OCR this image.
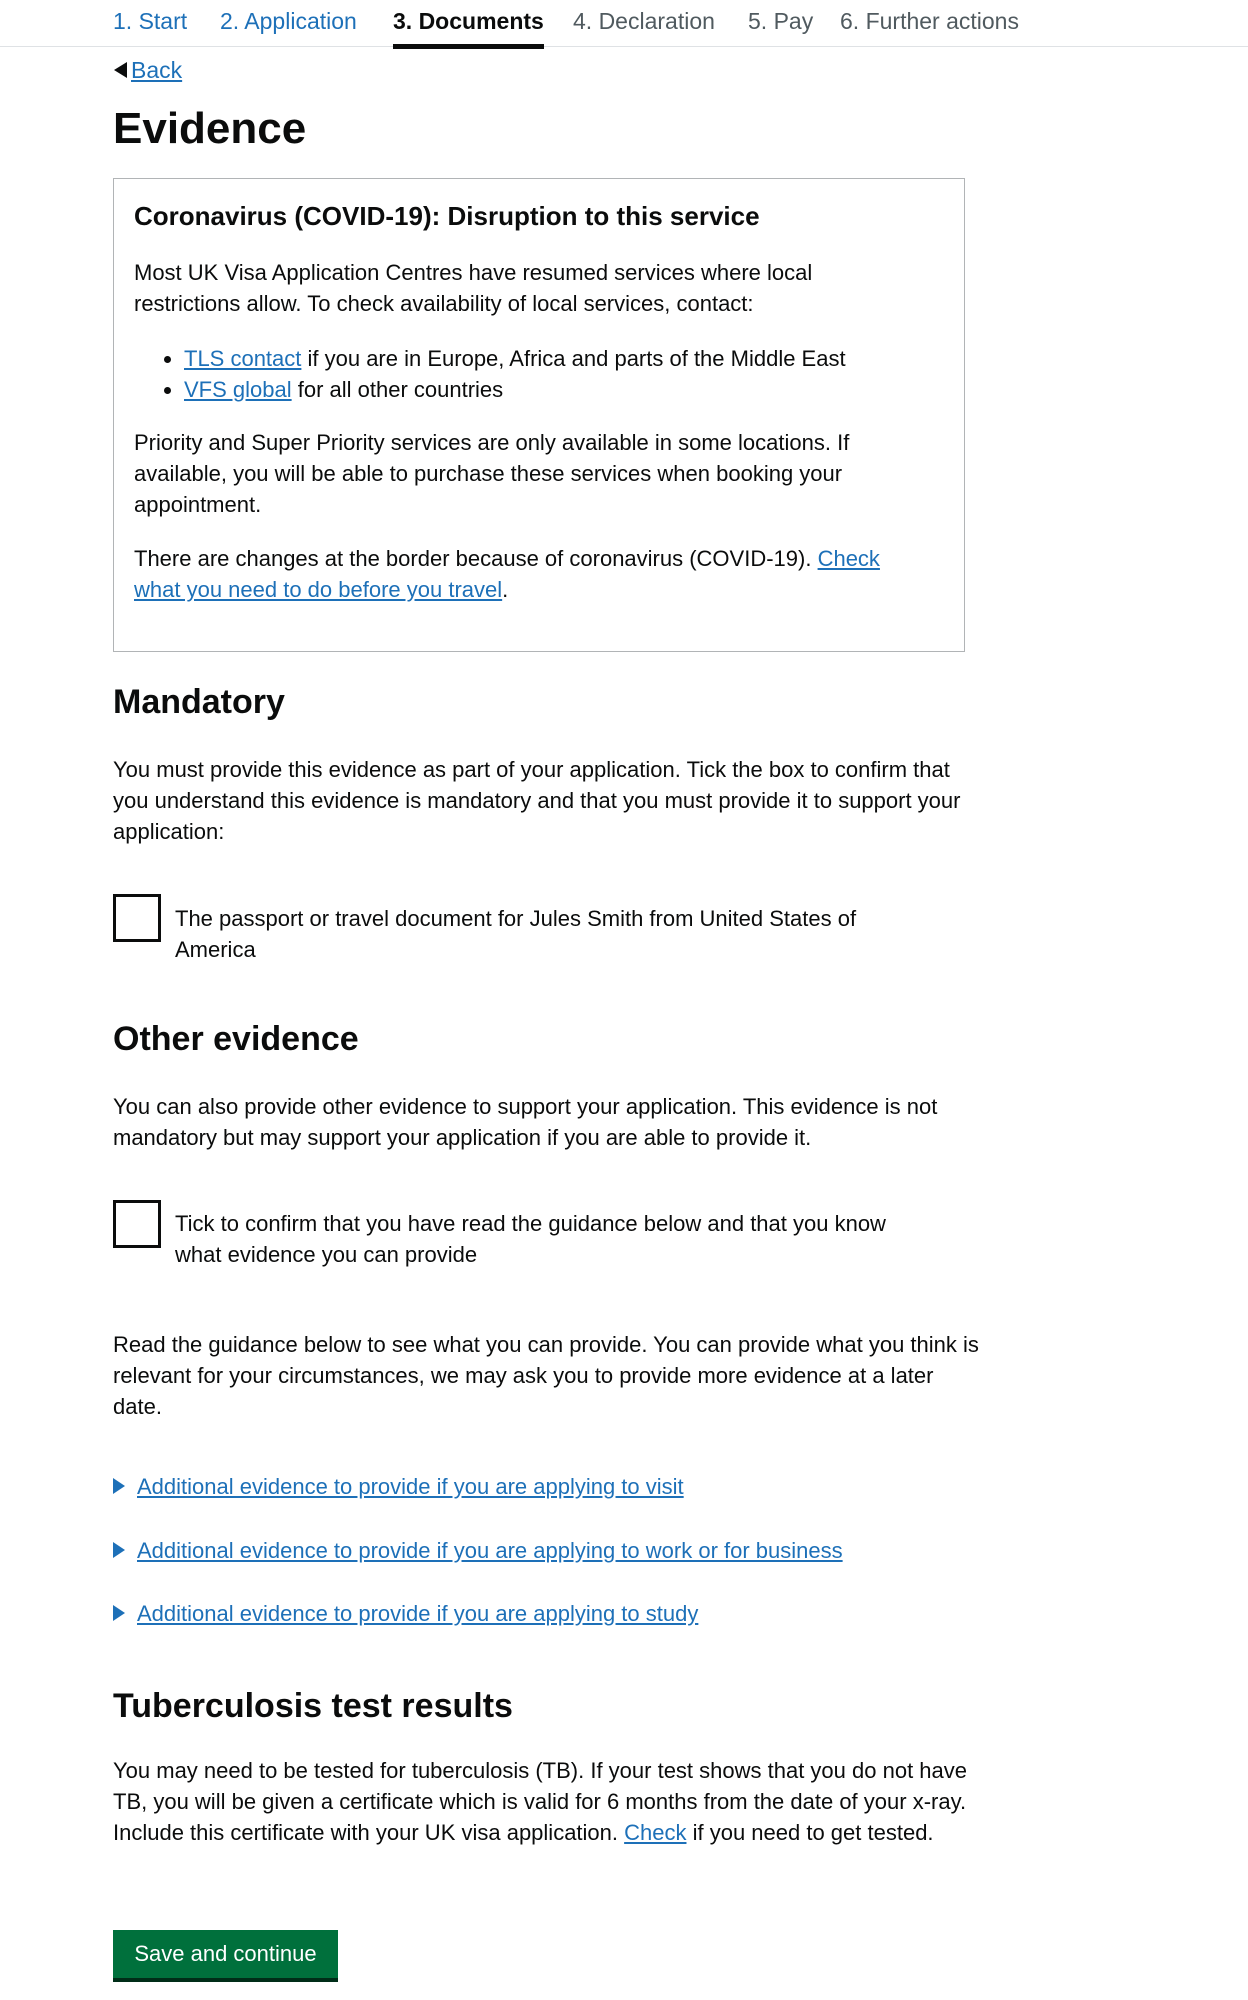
1. Start 2. Application 3. Documents 4. Declaration 5. Pay 6. Further actions
Back
Evidence
Coronavirus (COVID-19): Disruption to this service

Most UK Visa Application Centres have resumed services where local restrictions allow. To check availability of local services, contact:

TLS contact if you are in Europe, Africa and parts of the Middle East
VFS global for all other countries

Priority and Super Priority services are only available in some locations. If available, you will be able to purchase these services when booking your appointment.

There are changes at the border because of coronavirus (COVID-19). Check what you need to do before you travel.

Mandatory

You must provide this evidence as part of your application. Tick the box to confirm that you understand this evidence is mandatory and that you must provide it to support your application:

The passport or travel document for Jules Smith from United States of America

Other evidence

You can also provide other evidence to support your application. This evidence is not mandatory but may support your application if you are able to provide it.

Tick to confirm that you have read the guidance below and that you know what evidence you can provide

Read the guidance below to see what you can provide. You can provide what you think is relevant for your circumstances, we may ask you to provide more evidence at a later date.

Additional evidence to provide if you are applying to visit
Additional evidence to provide if you are applying to work or for business
Additional evidence to provide if you are applying to study
Tuberculosis test results

You may need to be tested for tuberculosis (TB). If your test shows that you do not have TB, you will be given a certificate which is valid for 6 months from the date of your x-ray. Include this certificate with your UK visa application. Check if you need to get tested.

Save and continue
